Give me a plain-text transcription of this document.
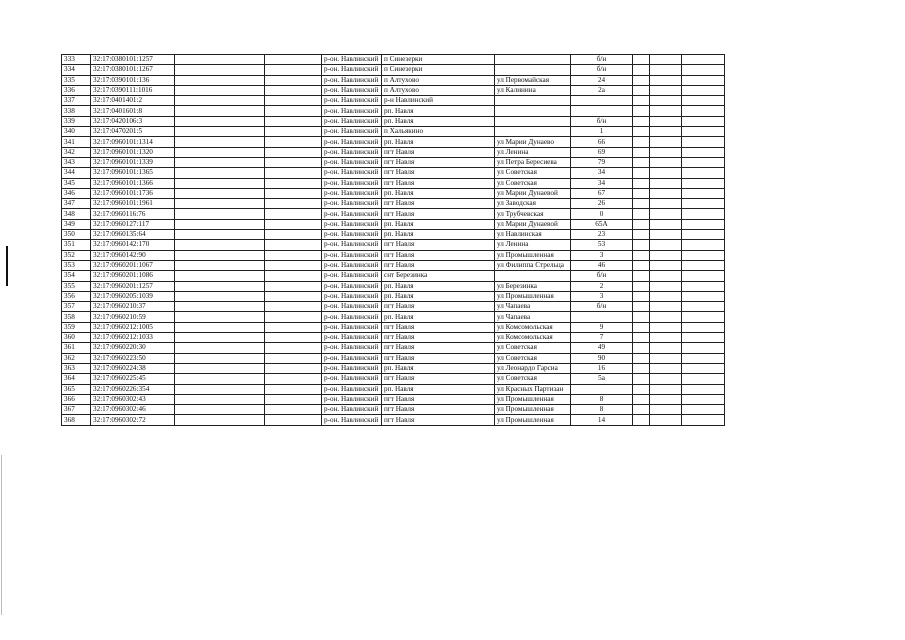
333	32:17:0380101:1257			р-он. Навлинский	п Синезерки		б/н			
334	32:17:0380101:1267			р-он. Навлинский	п Синезерки		б/н			
335	32:17:0390101:136			р-он. Навлинский	п Алтухово	ул Первомайская	24			
336	32:17:0390111:1016			р-он. Навлинский	п Алтухово	ул Калинина	2а			
337	32:17:0401401:2			р-он. Навлинский	р-н Навлинский					
338	32:17:0401601:8			р-он. Навлинский	рп. Навля					
339	32:17:0420106:3			р-он. Навлинский	рп. Навля		б/н			
340	32:17:0470201:5			р-он. Навлинский	п Хальякино		1			
341	32:17:0960101:1314			р-он. Навлинский	рп. Навля	ул Марии Дунаево	66			
342	32:17:0960101:1320			р-он. Навлинский	пгт Навля	ул Ленина	69			
343	32:17:0960101:1339			р-он. Навлинский	пгт Навля	ул Петра Бересиева	79			
344	32:17:0960101:1365			р-он. Навлинский	пгт Навля	ул Советская	34			
345	32:17:0960101:1366			р-он. Навлинский	пгт Навля	ул Советская	34			
346	32:17:0960101:1736			р-он. Навлинский	рп. Навля	ул Марии Дунаевой	67			
347	32:17:0960101:1961			р-он. Навлинский	пгт Навля	ул Заводская	26			
348	32:17:0960116:76			р-он. Навлинский	пгт Навля	ул Трубчевская	0			
349	32:17:0960127:117			р-он. Навлинский	рп. Навля	ул Марии Дунаевой	65А			
350	32:17:0960135:64			р-он. Навлинский	рп. Навля	ул Навлинская	23			
351	32:17:0960142:170			р-он. Навлинский	пгт Навля	ул Ленина	53			
352	32:17:0960142:90			р-он. Навлинский	пгт Навля	ул Промышленная	3			
353	32:17:0960201:1067			р-он. Навлинский	пгт Навля	ул Филиппа Стрельца	46			
354	32:17:0960201:1086			р-он. Навлинский	снт Березинка		б/н			
355	32:17:0960201:1257			р-он. Навлинский	рп. Навля	ул Березинка	2			
356	32:17:0960205:1039			р-он. Навлинский	рп. Навля	ул Промышленная	3			
357	32:17:0960210:37			р-он. Навлинский	пгт Навля	ул Чапаева	б/н			
358	32:17:0960210:59			р-он. Навлинский	рп. Навля	ул Чапаева				
359	32:17:0960212:1005			р-он. Навлинский	пгт Навля	ул Комсомольская	9			
360	32:17:0960212:1033			р-он. Навлинский	пгт Навля	ул Комсомольская	7			
361	32:17:0960220:30			р-он. Навлинский	пгт Навля	ул Советская	49			
362	32:17:0960223:50			р-он. Навлинский	пгт Навля	ул Советская	90			
363	32:17:0960224:38			р-он. Навлинский	рп. Навля	ул Леонардо Гарсиа	16			
364	32:17:0960225:45			р-он. Навлинский	пгт Навля	ул Советская	5а			
365	32:17:0960226:354			р-он. Навлинский	рп. Навля	ул Красных Партизан				
366	32:17:0960302:43			р-он. Навлинский	пгт Навля	ул Промышленная	8			
367	32:17:0960302:46			р-он. Навлинский	пгт Навля	ул Промышленная	8			
368	32:17:0960302:72			р-он. Навлинский	пгт Навля	ул Промышленная	14			
